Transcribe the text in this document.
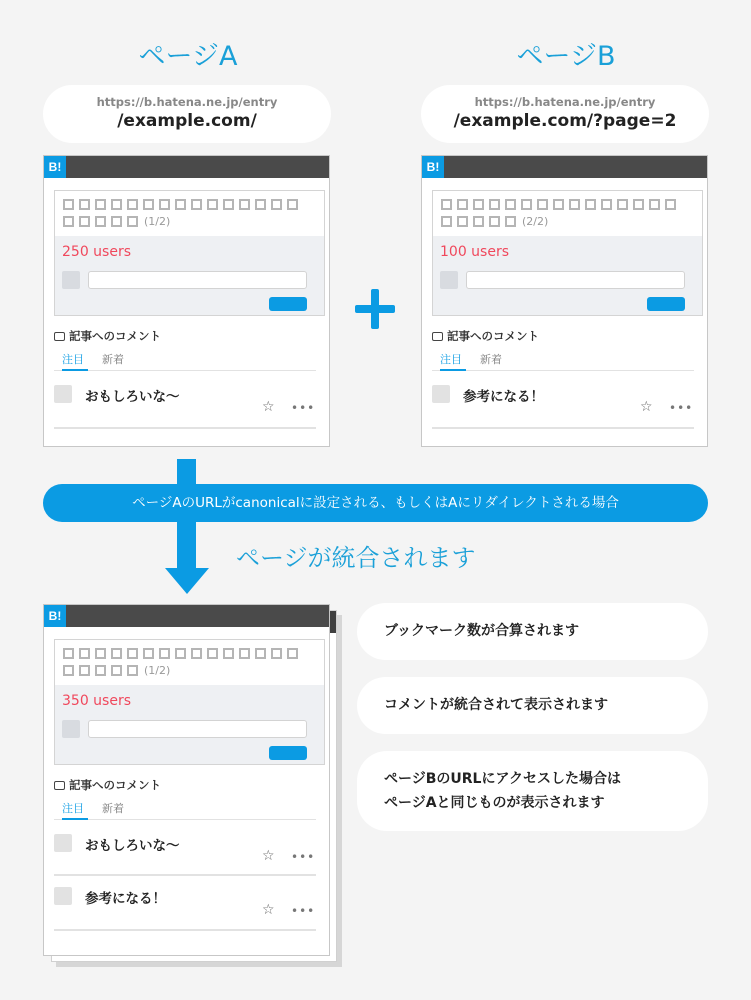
ページA
https://b.hatena.ne.jp/entry
/example.com/
B!
(1/2)
250 users
記事へのコメント
注目	新着
おもしろいな〜
☆ •••
ページB
https://b.hatena.ne.jp/entry
/example.com/?page=2
B!
(2/2)
100 users
記事へのコメント
注目	新着
参考になる！
☆ •••
ページAのURLがcanonicalに設定される、もしくはAにリダイレクトされる場合
ページが統合されます
B!
(1/2)
350 users
記事へのコメント
注目	新着
おもしろいな〜
☆ •••
参考になる！
☆ •••
ブックマーク数が合算されます
コメントが統合されて表示されます
ページBのURLにアクセスした場合は
ページAと同じものが表示されます
